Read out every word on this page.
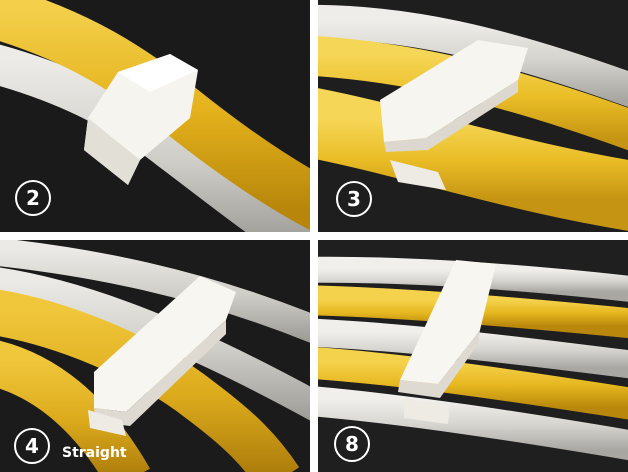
2	3
4	Straight	8
